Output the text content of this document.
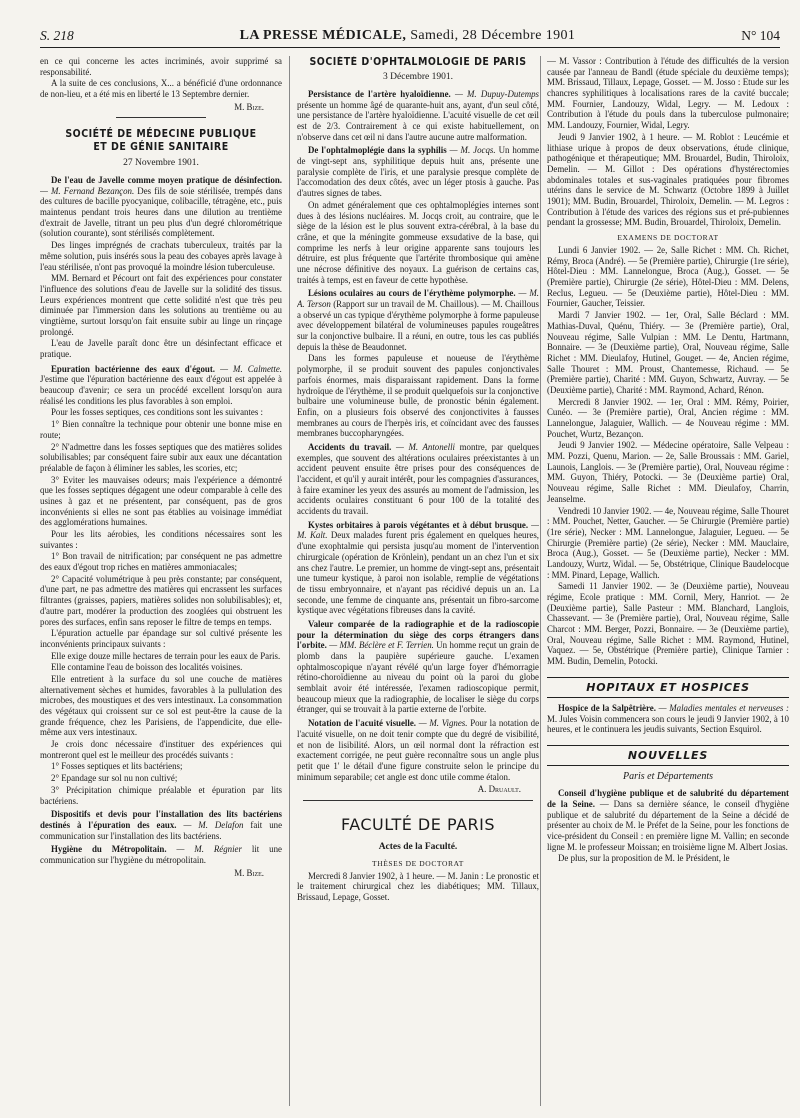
S. 218	LA PRESSE MÉDICALE, Samedi, 28 Décembre 1901	N° 104

en ce qui concerne les actes incriminés, avoir supprimé sa responsabilité.

A la suite de ces conclusions, X... a bénéficié d'une ordonnance de non-lieu, et a été mis en liberté le 13 Septembre dernier.

M. Bize.

SOCIÉTÉ DE MÉDECINE PUBLIQUE
ET DE GÉNIE SANITAIRE
27 Novembre 1901.

De l'eau de Javelle comme moyen pratique de désinfection. — M. Fernand Bezançon. Des fils de soie stérilisée, trempés dans des cultures de bacille pyocyanique, colibacille, tétragène, etc., puis maintenus pendant trois heures dans une dilution au trentième d'extrait de Javelle, titrant un peu plus d'un degré chlorométrique (solution courante), sont stérilisés complètement.

Des linges imprégnés de crachats tuberculeux, traités par la même solution, puis insérés sous la peau des cobayes après lavage à l'eau stérilisée, n'ont pas provoqué la moindre lésion tuberculeuse.

MM. Bernard et Pécourt ont fait des expériences pour constater l'influence des solutions d'eau de Javelle sur la solidité des tissus. Leurs expériences montrent que cette solidité n'est que très peu diminuée par l'immersion dans les solutions au trentième ou au vingtième, surtout lorsqu'on fait ensuite subir au linge un rinçage prolongé.

L'eau de Javelle paraît donc être un désinfectant efficace et pratique.

Epuration bactérienne des eaux d'égout. — M. Calmette. J'estime que l'épuration bactérienne des eaux d'égout est appelée à beaucoup d'avenir; ce sera un procédé excellent lorsqu'on aura réalisé les conditions les plus favorables à son emploi.

Pour les fosses septiques, ces conditions sont les suivantes :

1° Bien connaître la technique pour obtenir une bonne mise en route;

2° N'admettre dans les fosses septiques que des matières solides solubilisables; par conséquent faire subir aux eaux une décantation préalable de façon à éliminer les sables, les scories, etc;

3° Eviter les mauvaises odeurs; mais l'expérience a démontré que les fosses septiques dégagent une odeur comparable à celle des usines à gaz et ne présentent, par conséquent, pas de gros inconvénients si elles ne sont pas établies au voisinage immédiat des agglomérations humaines.

Pour les lits aérobies, les conditions nécessaires sont les suivantes :

1° Bon travail de nitrification; par conséquent ne pas admettre des eaux d'égout trop riches en matières ammoniacales;

2° Capacité volumétrique à peu près constante; par conséquent, d'une part, ne pas admettre des matières qui encrassent les surfaces filtrantes (graisses, papiers, matières solides non solubilisables); et, d'autre part, modérer la production des zooglées qui obstruent les pores des surfaces, enfin sans reposer le filtre de temps en temps.

L'épuration actuelle par épandage sur sol cultivé présente les inconvénients principaux suivants :

Elle exige douze mille hectares de terrain pour les eaux de Paris.

Elle contamine l'eau de boisson des localités voisines.

Elle entretient à la surface du sol une couche de matières alternativement sèches et humides, favorables à la pullulation des microbes, des moustiques et des vers intestinaux. La consommation des végétaux qui croissent sur ce sol est peut-être la cause de la grande fréquence, chez les Parisiens, de l'appendicite, due elle-même aux vers intestinaux.

Je crois donc nécessaire d'instituer des expériences qui montreront quel est le meilleur des procédés suivants :

1° Fosses septiques et lits bactériens;

2° Epandage sur sol nu non cultivé;

3° Précipitation chimique préalable et épuration par lits bactériens.

Dispositifs et devis pour l'installation des lits bactériens destinés à l'épuration des eaux. — M. Delafon fait une communication sur l'installation des lits bactériens.

Hygiène du Métropolitain. — M. Régnier lit une communication sur l'hygiène du métropolitain.

M. Bize.

SOCIÉTÉ D'OPHTALMOLOGIE DE PARIS
3 Décembre 1901.

Persistance de l'artère hyaloïdienne. — M. Dupuy-Dutemps présente un homme âgé de quarante-huit ans, ayant, d'un seul côté, une persistance de l'artère hyaloïdienne. L'acuité visuelle de cet œil est de 2/3. Contrairement à ce qui existe habituellement, on n'observe dans cet œil ni dans l'autre aucune autre malformation.

De l'ophtalmoplégie dans la syphilis — M. Jocqs. Un homme de vingt-sept ans, syphilitique depuis huit ans, présente une paralysie complète de l'iris, et une paralysie presque complète de l'accomodation des deux côtés, avec un léger ptosis à gauche. Pas d'autres signes de tabes.

On admet généralement que ces ophtalmoplégies internes sont dues à des lésions nucléaires. M. Jocqs croit, au contraire, que le siège de la lésion est le plus souvent extra-cérébral, à la base du crâne, et que la méningite gommeuse exsudative de la base, qui comprime les nerfs à leur origine apparente sans toujours les détruire, est plus fréquente que l'artérite thrombosique qui amène une nécrose définitive des noyaux. La guérison de certains cas, traités à temps, est en faveur de cette hypothèse.

Lésions oculaires au cours de l'érythème polymorphe. — M. A. Terson (Rapport sur un travail de M. Chaillous). — M. Chaillous a observé un cas typique d'érythème polymorphe à forme papuleuse avec développement bilatéral de volumineuses papules rougeâtres sur la conjonctive bulbaire. Il a réuni, en outre, tous les cas publiés depuis la thèse de Beaudonnet.

Dans les formes papuleuse et noueuse de l'érythème polymorphe, il se produit souvent des papules conjonctivales parfois énormes, mais disparaissant rapidement. Dans la forme hydroïque de l'érythème, il se produit quelquefois sur la conjonctive bulbaire une volumineuse bulle, de pronostic bénin également. Enfin, on a plusieurs fois observé des conjonctivites à fausses membranes au cours de l'herpès iris, et coïncidant avec des fausses membranes buccopharyngées.

Accidents du travail. — M. Antonelli montre, par quelques exemples, que souvent des altérations oculaires préexistantes à un accident peuvent ensuite être prises pour des conséquences de l'accident, et qu'il y aurait intérêt, pour les compagnies d'assurances, à faire examiner les yeux des assurés au moment de l'admission, les accidents oculaires constituant 6 pour 100 de la totalité des accidents du travail.

Kystes orbitaires à parois végétantes et à début brusque. — M. Kalt. Deux malades furent pris également en quelques heures, d'une exophtalmie qui persista jusqu'au moment de l'intervention chirurgicale (opération de Krönlein), pendant un an chez l'un et six ans chez l'autre. Le premier, un homme de vingt-sept ans, présentait une tumeur kystique, à paroi non isolable, remplie de végétations de tissu embryonnaire, et n'ayant pas récidivé depuis un an. La seconde, une femme de cinquante ans, présentait un fibro-sarcome kystique avec végétations fibreuses dans la cavité.

Valeur comparée de la radiographie et de la radioscopie pour la détermination du siège des corps étrangers dans l'orbite. — MM. Béclère et F. Terrien. Un homme reçut un grain de plomb dans la paupière supérieure gauche. L'examen ophtalmoscopique n'ayant révélé qu'un large foyer d'hémorragie rétino-choroïdienne au niveau du point où la paroi du globe semblait avoir été intéressée, l'examen radioscopique permit, beaucoup mieux que la radiographie, de localiser le siège du corps étranger, qui se trouvait à la partie externe de l'orbite.

Notation de l'acuité visuelle. — M. Vignes. Pour la notation de l'acuité visuelle, on ne doit tenir compte que du degré de visibilité, et non de lisibilité. Alors, un œil normal dont la réfraction est exactement corrigée, ne peut guère reconnaître sous un angle plus petit que 1' le détail d'une figure construite selon le principe du minimum separabile; cet angle est donc utile comme étalon.

A. Druault.

FACULTÉ DE PARIS
Actes de la Faculté.
THÈSES DE DOCTORAT

Mercredi 8 Janvier 1902, à 1 heure. — M. Janin : Le pronostic et le traitement chirurgical chez les diabétiques; MM. Tillaux, Brissaud, Lepage, Gosset.

— M. Vassor : Contribution à l'étude des difficultés de la version causée par l'anneau de Bandl (étude spéciale du deuxième temps); MM. Brissaud, Tillaux, Lepage, Gosset. — M. Josso : Etude sur les chancres syphilitiques à localisations rares de la cavité buccale; MM. Fournier, Landouzy, Widal, Legry. — M. Ledoux : Contribution à l'étude du pouls dans la tuberculose pulmonaire; MM. Landouzy, Fournier, Widal, Legry.

Jeudi 9 Janvier 1902, à 1 heure. — M. Roblot : Leucémie et lithiase urique à propos de deux observations, étude clinique, pathogénique et thérapeutique; MM. Brouardel, Budin, Thiroloix, Demelin. — M. Gillot : Des opérations d'hystérectomies abdominales totales et sus-vaginales pratiquées pour fibromes utérins dans le service de M. Schwartz (Octobre 1899 à Juillet 1901); MM. Budin, Brouardel, Thiroloix, Demelin. — M. Legros : Contribution à l'étude des varices des régions sus et pré-pubiennes pendant la grossesse; MM. Budin, Brouardel, Thiroloix, Demelin.

EXAMENS DE DOCTORAT

Lundi 6 Janvier 1902. — 2e, Salle Richet : MM. Ch. Richet, Rémy, Broca (André). — 5e (Première partie), Chirurgie (1re série), Hôtel-Dieu : MM. Lannelongue, Broca (Aug.), Gosset. — 5e (Première partie), Chirurgie (2e série), Hôtel-Dieu : MM. Delens, Reclus, Legueu. — 5e (Deuxième partie), Hôtel-Dieu : MM. Fournier, Gaucher, Teissier.

Mardi 7 Janvier 1902. — 1er, Oral, Salle Béclard : MM. Mathias-Duval, Quénu, Thiéry. — 3e (Première partie), Oral, Nouveau régime, Salle Vulpian : MM. Le Dentu, Hartmann, Bonnaire. — 3e (Deuxième partie), Oral, Nouveau régime, Salle Richet : MM. Dieulafoy, Hutinel, Gouget. — 4e, Ancien régime, Salle Thouret : MM. Proust, Chantemesse, Richaud. — 5e (Première partie), Charité : MM. Guyon, Schwartz, Auvray. — 5e (Deuxième partie), Charité : MM. Raymond, Achard, Rénon.

Mercredi 8 Janvier 1902. — 1er, Oral : MM. Rémy, Poirier, Cunéo. — 3e (Première partie), Oral, Ancien régime : MM. Lannelongue, Jalaguier, Wallich. — 4e Nouveau régime : MM. Pouchet, Wurtz, Bezançon.

Jeudi 9 Janvier 1902. — Médecine opératoire, Salle Velpeau : MM. Pozzi, Quenu, Marion. — 2e, Salle Broussais : MM. Gariel, Launois, Langlois. — 3e (Première partie), Oral, Nouveau régime : MM. Guyon, Thiéry, Potocki. — 3e (Deuxième partie) Oral, Nouveau régime, Salle Richet : MM. Dieulafoy, Charrin, Jeanselme.

Vendredi 10 Janvier 1902. — 4e, Nouveau régime, Salle Thouret : MM. Pouchet, Netter, Gaucher. — 5e Chirurgie (Première partie) (1re série), Necker : MM. Lannelongue, Jalaguier, Legueu. — 5e Chirurgie (Première partie) (2e série), Necker : MM. Mauclaire, Broca (Aug.), Gosset. — 5e (Deuxième partie), Necker : MM. Landouzy, Wurtz, Widal. — 5e, Obstétrique, Clinique Baudelocque : MM. Pinard, Lepage, Wallich.

Samedi 11 Janvier 1902. — 3e (Deuxième partie), Nouveau régime, Ecole pratique : MM. Cornil, Mery, Hanriot. — 2e (Deuxième partie), Salle Pasteur : MM. Blanchard, Langlois, Chassevant. — 3e (Première partie), Oral, Nouveau régime, Salle Charcot : MM. Berger, Pozzi, Bonnaire. — 3e (Deuxième partie), Oral, Nouveau régime, Salle Richet : MM. Raymond, Hutinel, Vaquez. — 5e, Obstétrique (Première partie), Clinique Tarnier : MM. Budin, Demelin, Potocki.

HOPITAUX ET HOSPICES

Hospice de la Salpêtrière. — Maladies mentales et nerveuses : M. Jules Voisin commencera son cours le jeudi 9 Janvier 1902, à 10 heures, et le continuera les jeudis suivants, Section Esquirol.

NOUVELLES
Paris et Départements

Conseil d'hygiène publique et de salubrité du département de la Seine. — Dans sa dernière séance, le conseil d'hygiène publique et de salubrité du département de la Seine a décidé de présenter au choix de M. le Préfet de la Seine, pour les fonctions de vice-président du Conseil : en première ligne M. Vallin; en seconde ligne M. le professeur Moissan; en troisième ligne M. Albert Josias.

De plus, sur la proposition de M. le Président, le
